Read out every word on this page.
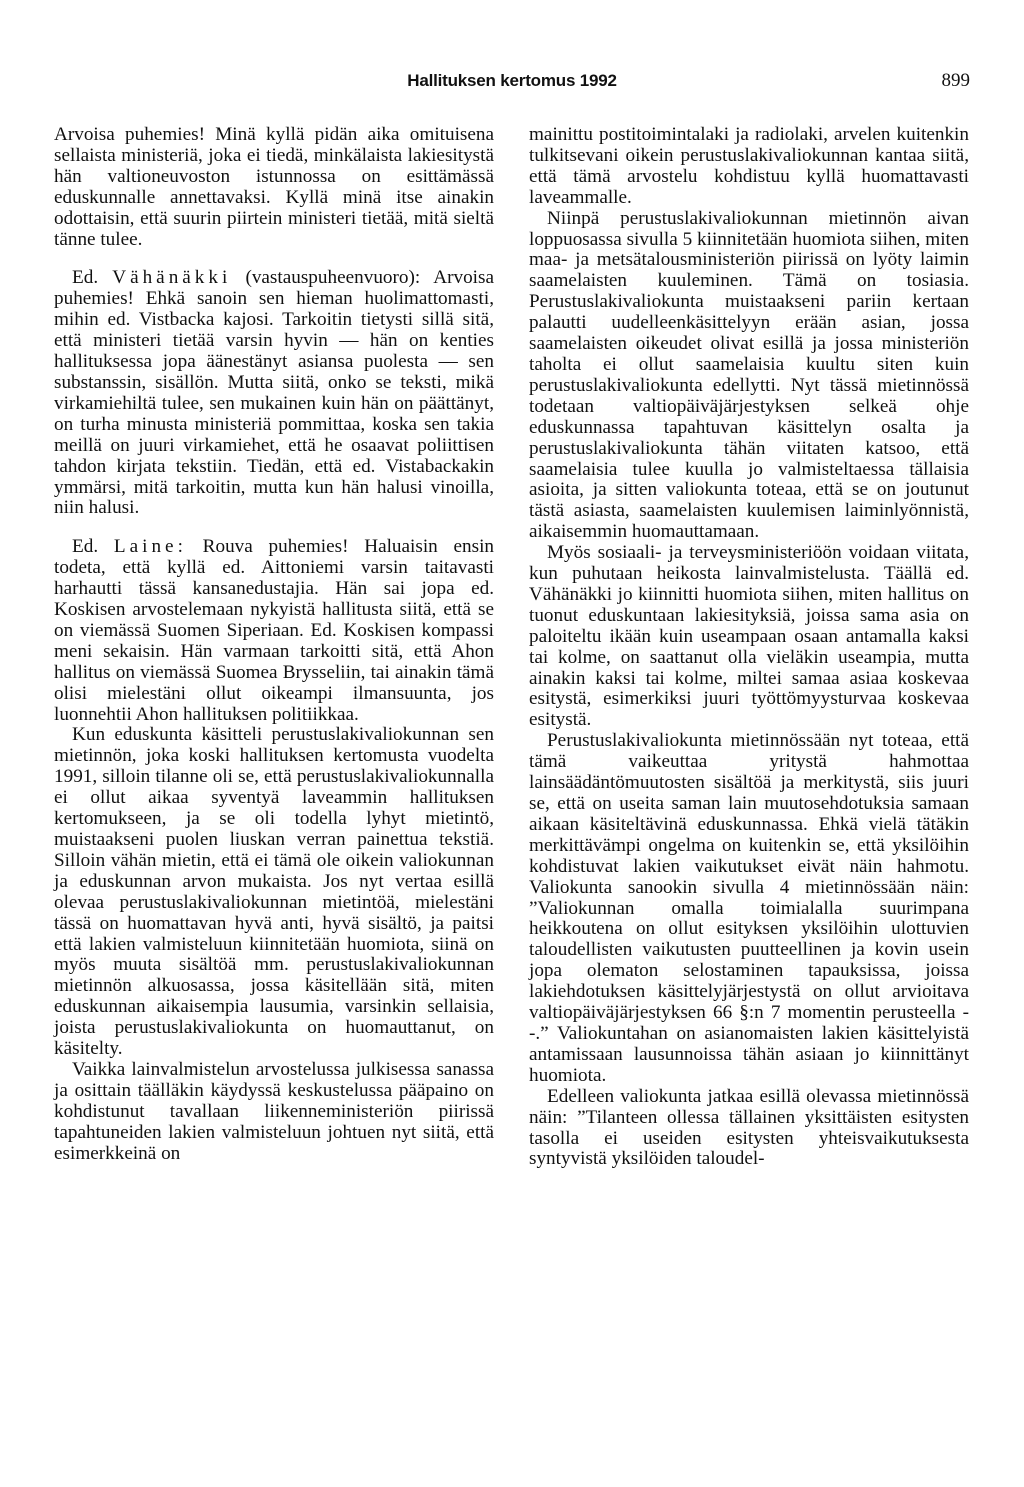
Hallituksen kertomus 1992	899

Arvoisa puhemies! Minä kyllä pidän aika omituisena sellaista ministeriä, joka ei tiedä, minkälaista lakiesitystä hän valtioneuvoston istunnossa on esittämässä eduskunnalle annettavaksi. Kyllä minä itse ainakin odottaisin, että suurin piirtein ministeri tietää, mitä sieltä tänne tulee.

Ed. Vähänäkki (vastauspuheenvuoro): Arvoisa puhemies! Ehkä sanoin sen hieman huolimattomasti, mihin ed. Vistbacka kajosi. Tarkoitin tietysti sillä sitä, että ministeri tietää varsin hyvin — hän on kenties hallituksessa jopa äänestänyt asiansa puolesta — sen substanssin, sisällön. Mutta siitä, onko se teksti, mikä virkamiehiltä tulee, sen mukainen kuin hän on päättänyt, on turha minusta ministeriä pommittaa, koska sen takia meillä on juuri virkamiehet, että he osaavat poliittisen tahdon kirjata tekstiin. Tiedän, että ed. Vistabackakin ymmärsi, mitä tarkoitin, mutta kun hän halusi vinoilla, niin halusi.

Ed. Laine: Rouva puhemies! Haluaisin ensin todeta, että kyllä ed. Aittoniemi varsin taitavasti harhautti tässä kansanedustajia. Hän sai jopa ed. Koskisen arvostelemaan nykyistä hallitusta siitä, että se on viemässä Suomen Siperiaan. Ed. Koskisen kompassi meni sekaisin. Hän varmaan tarkoitti sitä, että Ahon hallitus on viemässä Suomea Brysseliin, tai ainakin tämä olisi mielestäni ollut oikeampi ilmansuunta, jos luonnehtii Ahon hallituksen politiikkaa.

Kun eduskunta käsitteli perustuslakivaliokunnan sen mietinnön, joka koski hallituksen kertomusta vuodelta 1991, silloin tilanne oli se, että perustuslakivaliokunnalla ei ollut aikaa syventyä laveammin hallituksen kertomukseen, ja se oli todella lyhyt mietintö, muistaakseni puolen liuskan verran painettua tekstiä. Silloin vähän mietin, että ei tämä ole oikein valiokunnan ja eduskunnan arvon mukaista. Jos nyt vertaa esillä olevaa perustuslakivaliokunnan mietintöä, mielestäni tässä on huomattavan hyvä anti, hyvä sisältö, ja paitsi että lakien valmisteluun kiinnitetään huomiota, siinä on myös muuta sisältöä mm. perustuslakivaliokunnan mietinnön alkuosassa, jossa käsitellään sitä, miten eduskunnan aikaisempia lausumia, varsinkin sellaisia, joista perustuslakivaliokunta on huomauttanut, on käsitelty.

Vaikka lainvalmistelun arvostelussa julkisessa sanassa ja osittain täälläkin käydyssä keskustelussa pääpaino on kohdistunut tavallaan liikenneministeriön piirissä tapahtuneiden lakien valmisteluun johtuen nyt siitä, että esimerkkeinä on

mainittu postitoimintalaki ja radiolaki, arvelen kuitenkin tulkitsevani oikein perustuslakivaliokunnan kantaa siitä, että tämä arvostelu kohdistuu kyllä huomattavasti laveammalle.

Niinpä perustuslakivaliokunnan mietinnön aivan loppuosassa sivulla 5 kiinnitetään huomiota siihen, miten maa- ja metsätalousministeriön piirissä on lyöty laimin saamelaisten kuuleminen. Tämä on tosiasia. Perustuslakivaliokunta muistaakseni pariin kertaan palautti uudelleenkäsittelyyn erään asian, jossa saamelaisten oikeudet olivat esillä ja jossa ministeriön taholta ei ollut saamelaisia kuultu siten kuin perustuslakivaliokunta edellytti. Nyt tässä mietinnössä todetaan valtiopäiväjärjestyksen selkeä ohje eduskunnassa tapahtuvan käsittelyn osalta ja perustuslakivaliokunta tähän viitaten katsoo, että saamelaisia tulee kuulla jo valmisteltaessa tällaisia asioita, ja sitten valiokunta toteaa, että se on joutunut tästä asiasta, saamelaisten kuulemisen laiminlyönnistä, aikaisemmin huomauttamaan.

Myös sosiaali- ja terveysministeriöön voidaan viitata, kun puhutaan heikosta lainvalmistelusta. Täällä ed. Vähänäkki jo kiinnitti huomiota siihen, miten hallitus on tuonut eduskuntaan lakiesityksiä, joissa sama asia on paloiteltu ikään kuin useampaan osaan antamalla kaksi tai kolme, on saattanut olla vieläkin useampia, mutta ainakin kaksi tai kolme, miltei samaa asiaa koskevaa esitystä, esimerkiksi juuri työttömyysturvaa koskevaa esitystä.

Perustuslakivaliokunta mietinnössään nyt toteaa, että tämä vaikeuttaa yritystä hahmottaa lainsäädäntömuutosten sisältöä ja merkitystä, siis juuri se, että on useita saman lain muutosehdotuksia samaan aikaan käsiteltävinä eduskunnassa. Ehkä vielä tätäkin merkittävämpi ongelma on kuitenkin se, että yksilöihin kohdistuvat lakien vaikutukset eivät näin hahmotu. Valiokunta sanookin sivulla 4 mietinnössään näin: ”Valiokunnan omalla toimialalla suurimpana heikkoutena on ollut esityksen yksilöihin ulottuvien taloudellisten vaikutusten puutteellinen ja kovin usein jopa olematon selostaminen tapauksissa, joissa lakiehdotuksen käsittelyjärjestystä on ollut arvioitava valtiopäiväjärjestyksen 66 §:n 7 momentin perusteella - -.” Valiokuntahan on asianomaisten lakien käsittelyistä antamissaan lausunnoissa tähän asiaan jo kiinnittänyt huomiota.

Edelleen valiokunta jatkaa esillä olevassa mietinnössä näin: ”Tilanteen ollessa tällainen yksittäisten esitysten tasolla ei useiden esitysten yhteisvaikutuksesta syntyvistä yksilöiden taloudel-
